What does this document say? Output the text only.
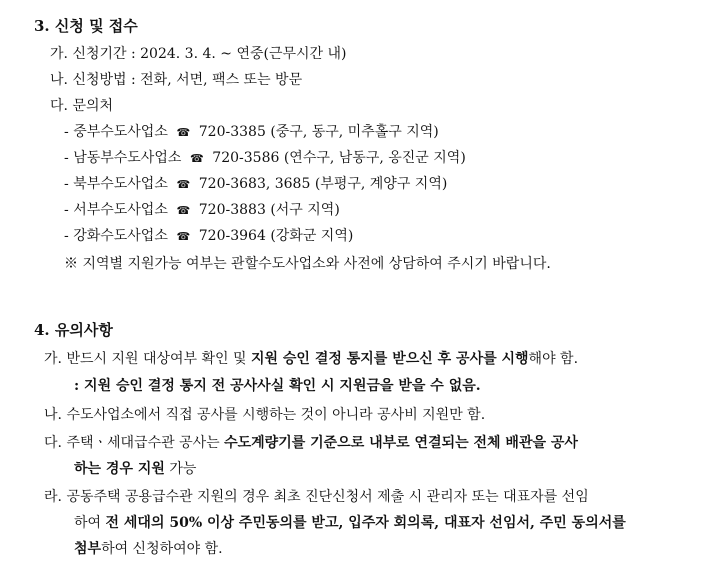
3. 신청 및 접수
가. 신청기간 : 2024. 3. 4. ~ 연중(근무시간 내)
나. 신청방법 : 전화, 서면, 팩스 또는 방문
다. 문의처
- 중부수도사업소 ☎ 720-3385 (중구, 동구, 미추홀구 지역)
- 남동부수도사업소 ☎ 720-3586 (연수구, 남동구, 옹진군 지역)
- 북부수도사업소 ☎ 720-3683, 3685 (부평구, 계양구 지역)
- 서부수도사업소 ☎ 720-3883 (서구 지역)
- 강화수도사업소 ☎ 720-3964 (강화군 지역)
※ 지역별 지원가능 여부는 관할수도사업소와 사전에 상담하여 주시기 바랍니다.
4. 유의사항
가. 반드시 지원 대상여부 확인 및 지원 승인 결정 통지를 받으신 후 공사를 시행해야 함.
: 지원 승인 결정 통지 전 공사사실 확인 시 지원금을 받을 수 없음.
나. 수도사업소에서 직접 공사를 시행하는 것이 아니라 공사비 지원만 함.
다. 주택ㆍ세대급수관 공사는 수도계량기를 기준으로 내부로 연결되는 전체 배관을 공사
하는 경우 지원 가능
라. 공동주택 공용급수관 지원의 경우 최초 진단신청서 제출 시 관리자 또는 대표자를 선임
하여 전 세대의 50% 이상 주민동의를 받고, 입주자 회의록, 대표자 선임서, 주민 동의서를
첨부하여 신청하여야 함.
